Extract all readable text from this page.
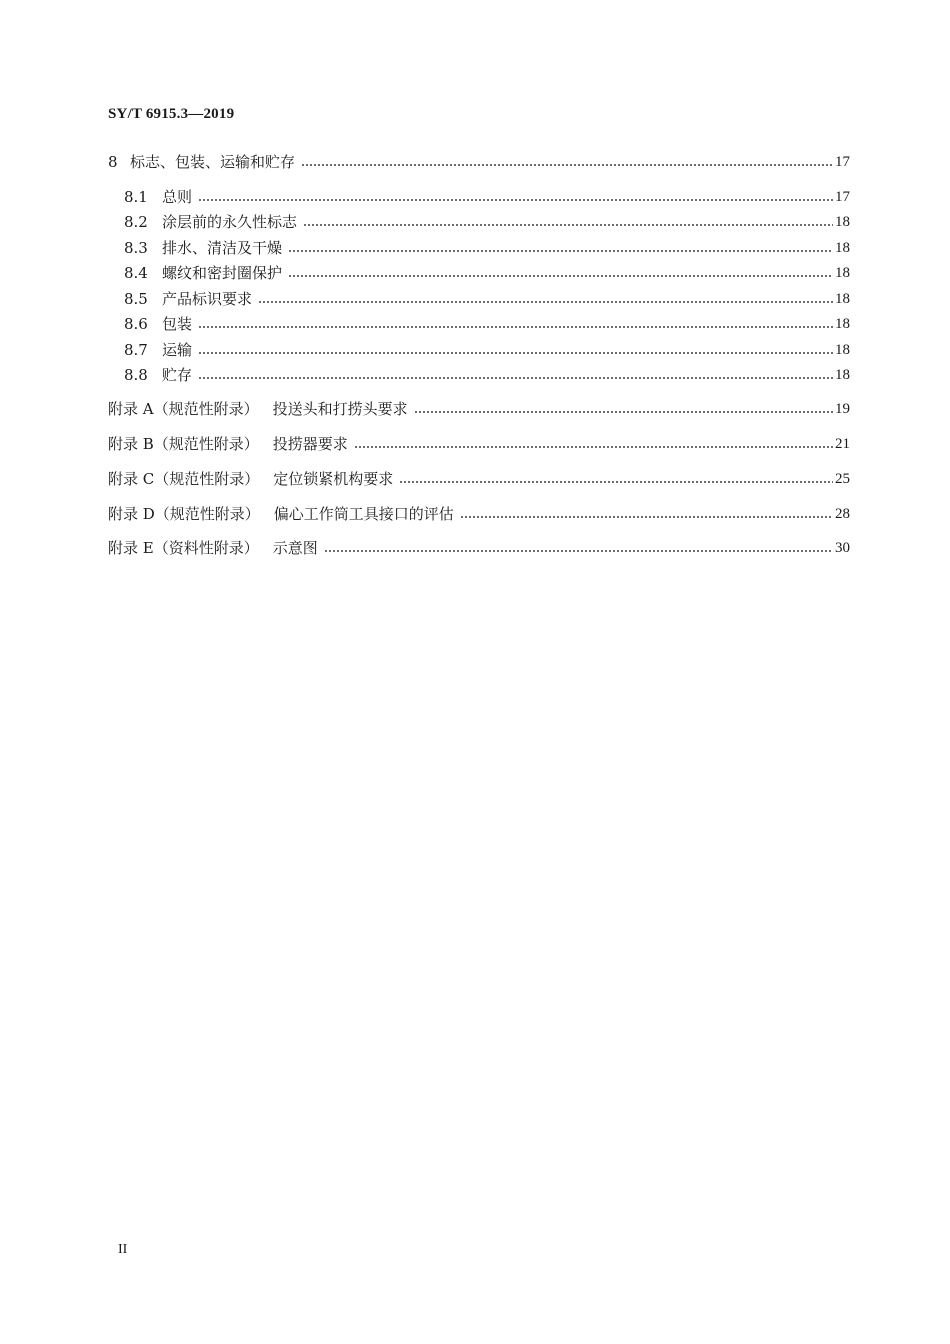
SY/T 6915.3—2019
8 标志、包装、运输和贮存	17
8.1 总则	17
8.2 涂层前的永久性标志	18
8.3 排水、清洁及干燥	18
8.4 螺纹和密封圈保护	18
8.5 产品标识要求	18
8.6 包装	18
8.7 运输	18
8.8 贮存	18
附录 A（规范性附录） 投送头和打捞头要求	19
附录 B（规范性附录） 投捞器要求	21
附录 C（规范性附录） 定位锁紧机构要求	25
附录 D（规范性附录） 偏心工作筒工具接口的评估	28
附录 E（资料性附录） 示意图	30
II
